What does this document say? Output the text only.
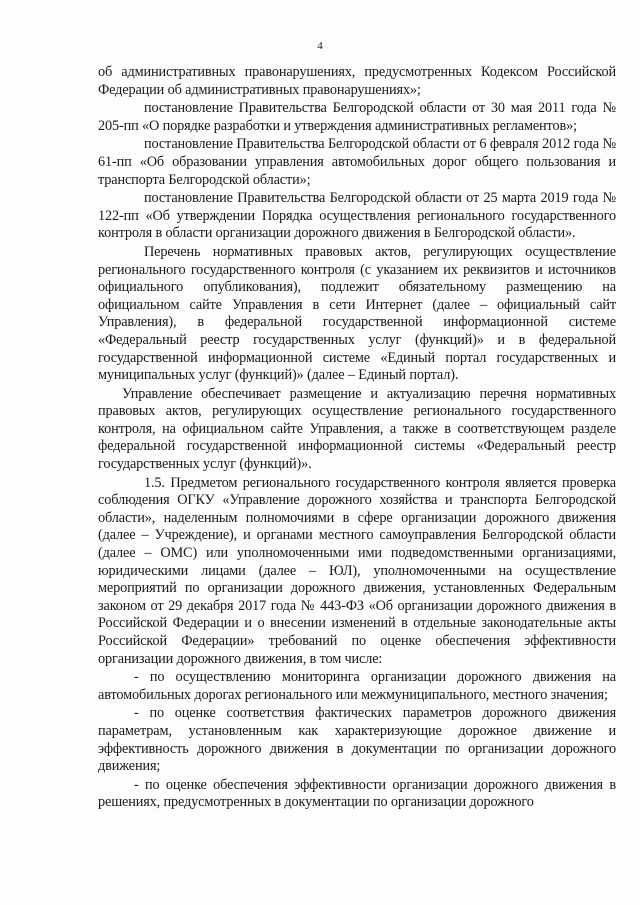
4

об административных правонарушениях, предусмотренных Кодексом Российской Федерации об административных правонарушениях»;

постановление Правительства Белгородской области от 30 мая 2011 года № 205-пп «О порядке разработки и утверждения административных регламентов»;

постановление Правительства Белгородской области от 6 февраля 2012 года № 61-пп «Об образовании управления автомобильных дорог общего пользования и транспорта Белгородской области»;

постановление Правительства Белгородской области от 25 марта 2019 года № 122-пп «Об утверждении Порядка осуществления регионального государственного контроля в области организации дорожного движения в Белгородской области».

Перечень нормативных правовых актов, регулирующих осуществление регионального государственного контроля (с указанием их реквизитов и источников официального опубликования), подлежит обязательному размещению на официальном сайте Управления в сети Интернет (далее – официальный сайт Управления), в федеральной государственной информационной системе «Федеральный реестр государственных услуг (функций)» и в федеральной государственной информационной системе «Единый портал государственных и муниципальных услуг (функций)» (далее – Единый портал).

Управление обеспечивает размещение и актуализацию перечня нормативных правовых актов, регулирующих осуществление регионального государственного контроля, на официальном сайте Управления, а также в соответствующем разделе федеральной государственной информационной системы «Федеральный реестр государственных услуг (функций)».

1.5. Предметом регионального государственного контроля является проверка соблюдения ОГКУ «Управление дорожного хозяйства и транспорта Белгородской области», наделенным полномочиями в сфере организации дорожного движения (далее – Учреждение), и органами местного самоуправления Белгородской области (далее – ОМС) или уполномоченными ими подведомственными организациями, юридическими лицами (далее – ЮЛ), уполномоченными на осуществление мероприятий по организации дорожного движения, установленных Федеральным законом от 29 декабря 2017 года № 443-ФЗ «Об организации дорожного движения в Российской Федерации и о внесении изменений в отдельные законодательные акты Российской Федерации» требований по оценке обеспечения эффективности организации дорожного движения, в том числе:

- по осуществлению мониторинга организации дорожного движения на автомобильных дорогах регионального или межмуниципального, местного значения;

- по оценке соответствия фактических параметров дорожного движения параметрам, установленным как характеризующие дорожное движение и эффективность дорожного движения в документации по организации дорожного движения;

- по оценке обеспечения эффективности организации дорожного движения в решениях, предусмотренных в документации по организации дорожного
